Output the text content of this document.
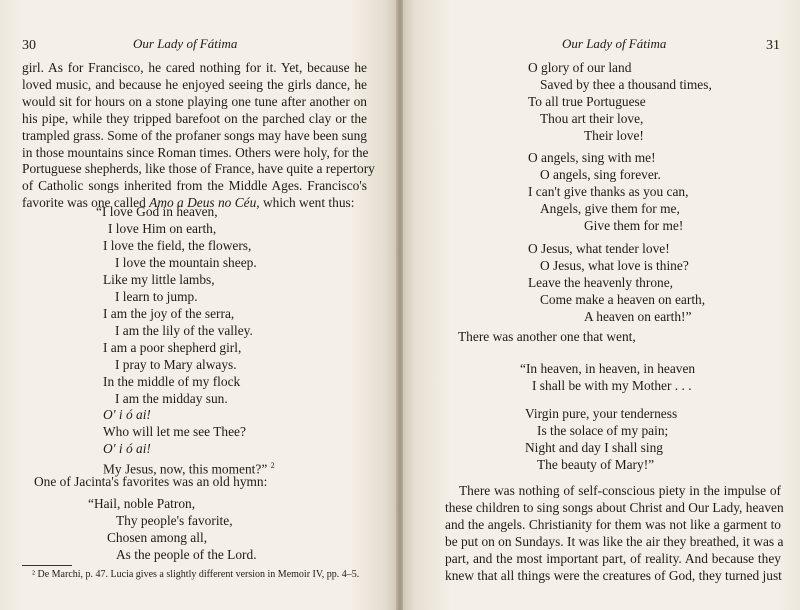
30	Our Lady of Fátima
girl. As for Francisco, he cared nothing for it. Yet, because he
loved music, and because he enjoyed seeing the girls dance, he
would sit for hours on a stone playing one tune after another on
his pipe, while they tripped barefoot on the parched clay or the
trampled grass. Some of the profaner songs may have been sung
in those mountains since Roman times. Others were holy, for the
Portuguese shepherds, like those of France, have quite a repertory
of Catholic songs inherited from the Middle Ages. Francisco's
favorite was one called Amo a Deus no Céu, which went thus:
“I love God in heaven,
I love Him on earth,
I love the field, the flowers,
I love the mountain sheep.
Like my little lambs,
I learn to jump.
I am the joy of the serra,
I am the lily of the valley.
I am a poor shepherd girl,
I pray to Mary always.
In the middle of my flock
I am the midday sun.
O' i ó ai!
Who will let me see Thee?
O' i ó ai!
My Jesus, now, this moment?” $^2$
One of Jacinta's favorites was an old hymn:
“Hail, noble Patron,
Thy people's favorite,
Chosen among all,
As the people of the Lord.
² De Marchi, p. 47. Lucia gives a slightly different version in Memoir IV, pp. 4–5.
Our Lady of Fátima	31
O glory of our land
Saved by thee a thousand times,
To all true Portuguese
Thou art their love,
Their love!
O angels, sing with me!
O angels, sing forever.
I can't give thanks as you can,
Angels, give them for me,
Give them for me!
O Jesus, what tender love!
O Jesus, what love is thine?
Leave the heavenly throne,
Come make a heaven on earth,
A heaven on earth!”
There was another one that went,
“In heaven, in heaven, in heaven
I shall be with my Mother . . .
Virgin pure, your tenderness
Is the solace of my pain;
Night and day I shall sing
The beauty of Mary!”
There was nothing of self-conscious piety in the impulse of
these children to sing songs about Christ and Our Lady, heaven
and the angels. Christianity for them was not like a garment to
be put on on Sundays. It was like the air they breathed, it was a
part, and the most important part, of reality. And because they
knew that all things were the creatures of God, they turned just
